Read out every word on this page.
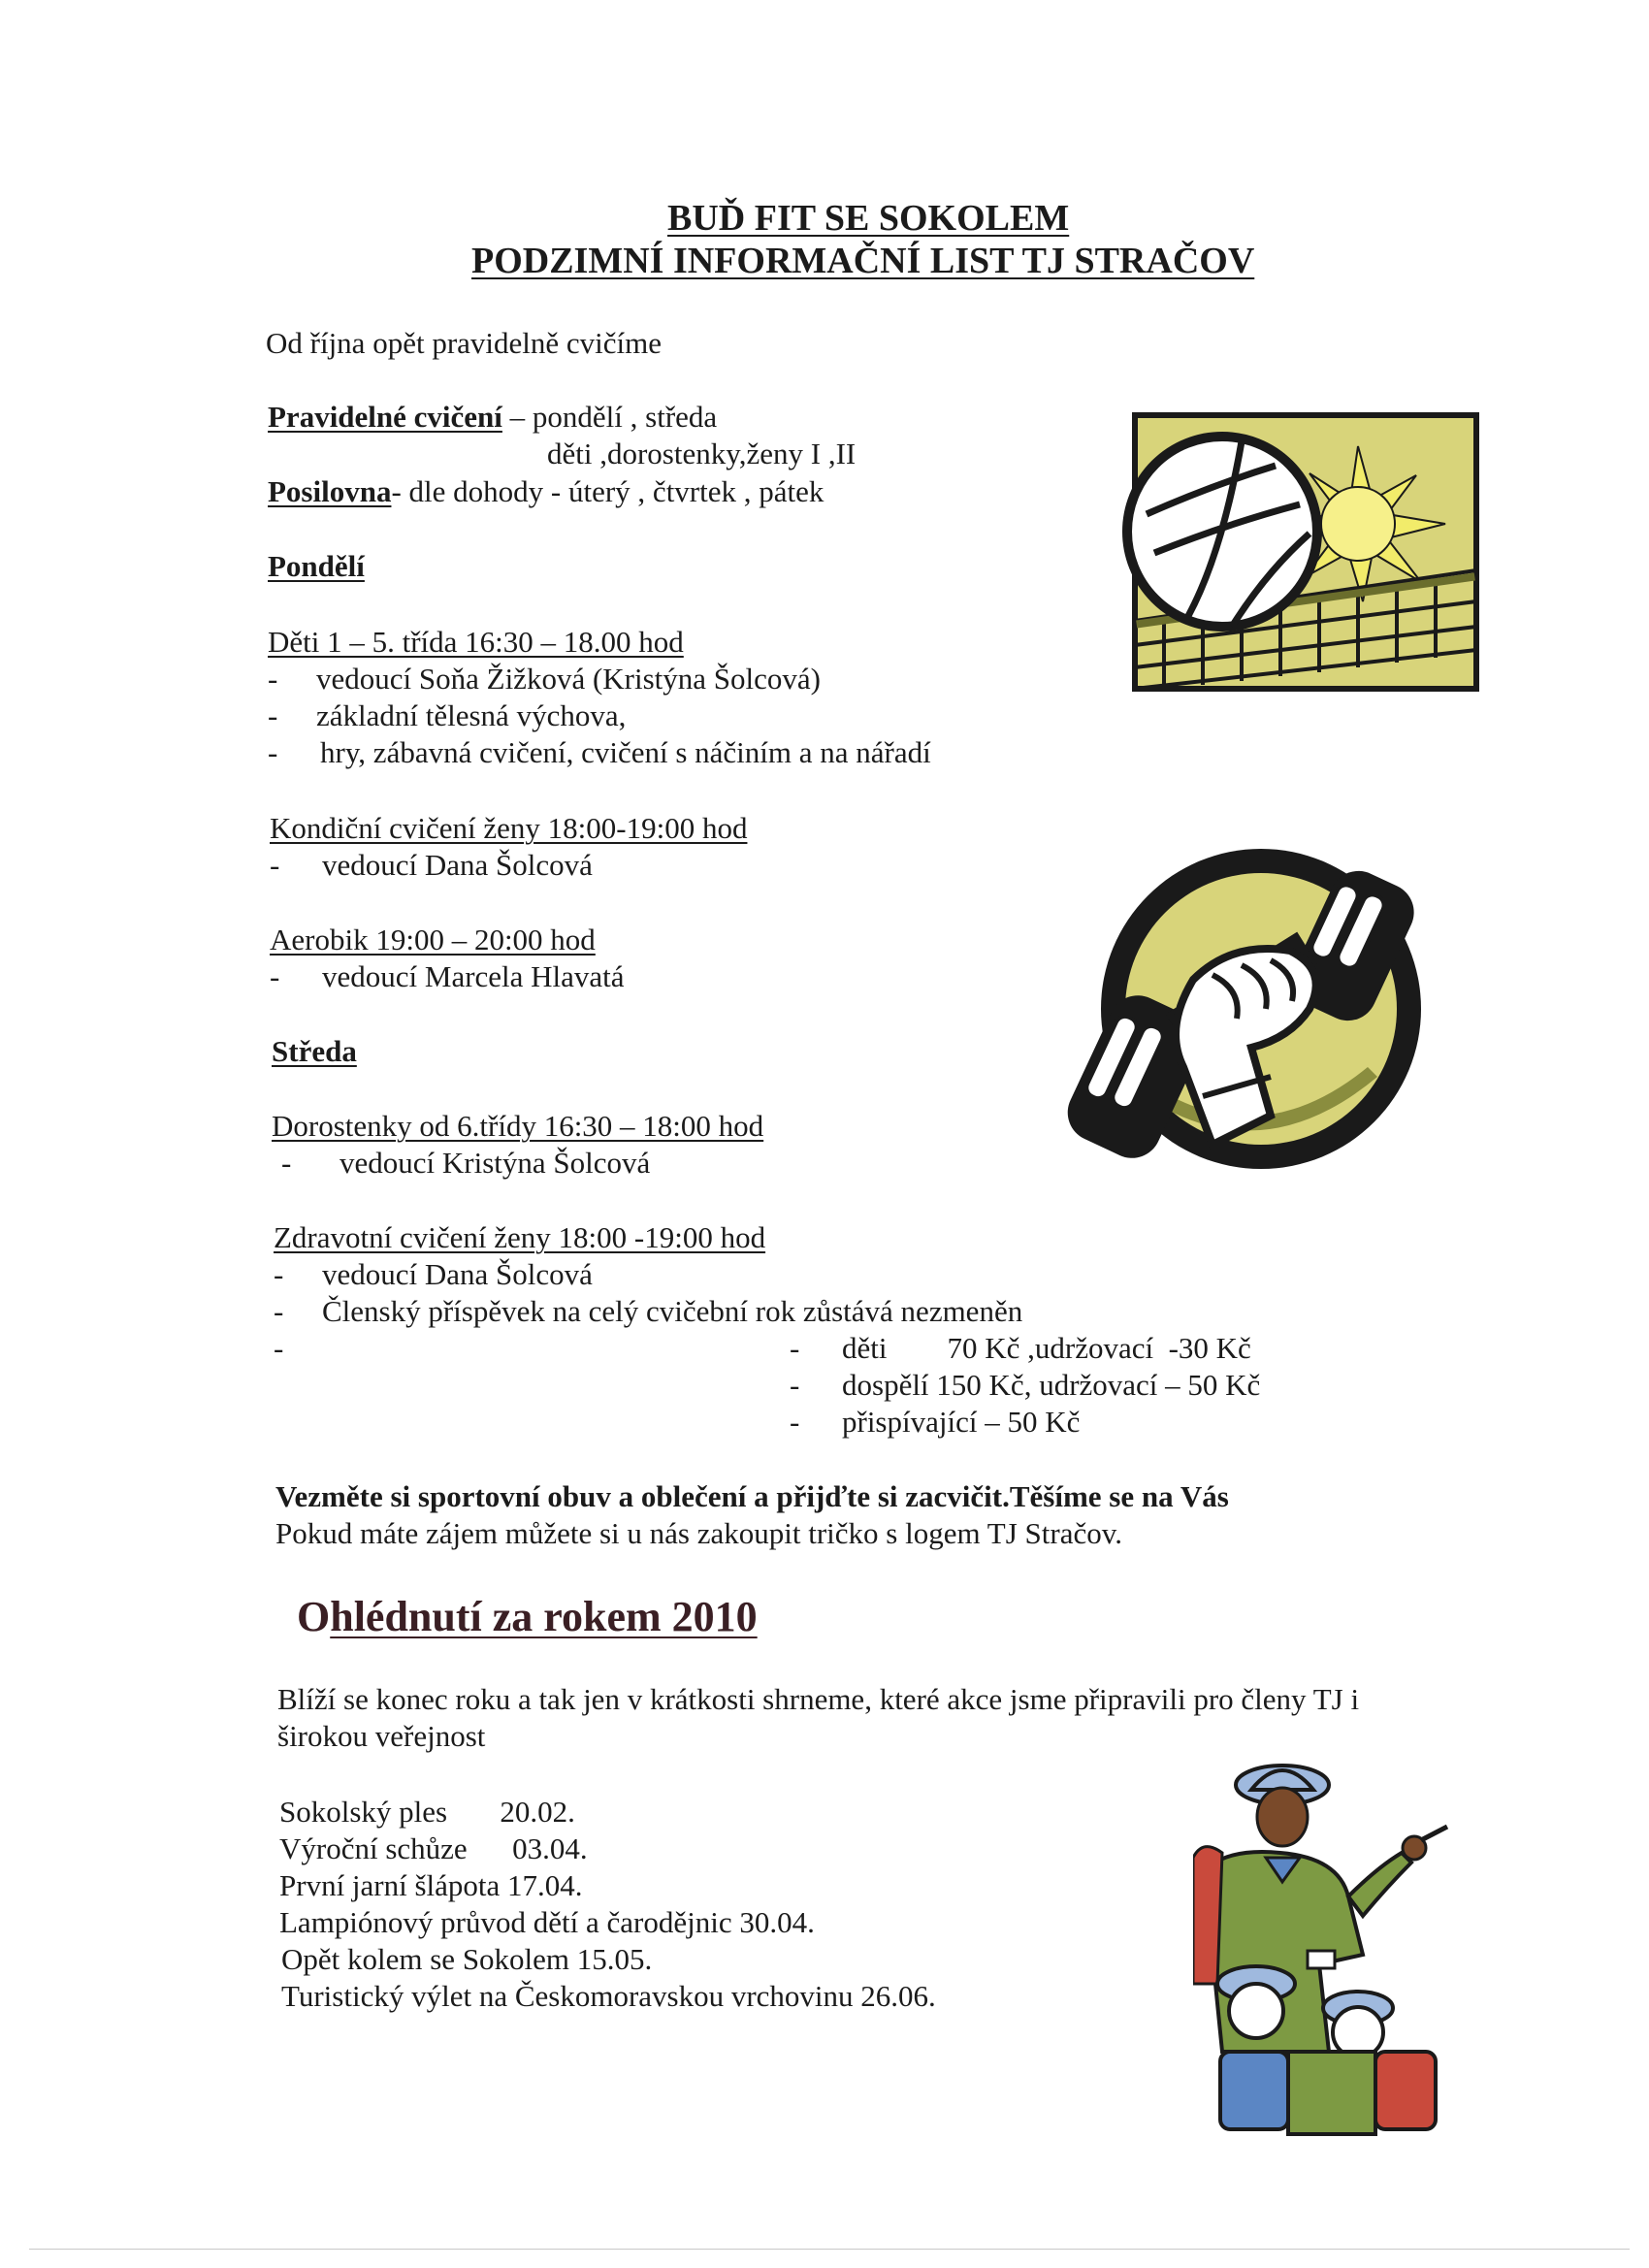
BUĎ FIT SE SOKOLEM
PODZIMNÍ INFORMAČNÍ LIST TJ STRAČOV
Od října opět pravidelně cvičíme
Pravidelné cvičení – pondělí , středa
děti ,dorostenky,ženy I ,II
Posilovna- dle dohody - úterý , čtvrtek , pátek
Pondělí
Děti 1 – 5. třída 16:30 – 18.00 hod
- vedoucí Soňa Žižková (Kristýna Šolcová)
- základní tělesná výchova,
- hry, zábavná cvičení, cvičení s náčiním a na nářadí
Kondiční cvičení ženy 18:00-19:00 hod
- vedoucí Dana Šolcová
Aerobik 19:00 – 20:00 hod
- vedoucí Marcela Hlavatá
Středa
Dorostenky od 6.třídy 16:30 – 18:00 hod
- vedoucí Kristýna Šolcová
Zdravotní cvičení ženy 18:00 -19:00 hod
- vedoucí Dana Šolcová
- Členský příspěvek na celý cvičební rok zůstává nezmeněn
-	- děti        70 Kč ,udržovací  -30 Kč
- dospělí 150 Kč, udržovací – 50 Kč
- přispívající – 50 Kč
Vezměte si sportovní obuv a oblečení a přijďte si zacvičit.Těšíme se na Vás
Pokud máte zájem můžete si u nás zakoupit tričko s logem TJ Stračov.
Ohlédnutí za rokem 2010
Blíží se konec roku a tak jen v krátkosti shrneme, které akce jsme připravili pro členy TJ i
širokou veřejnost
Sokolský ples       20.02.
Výroční schůze      03.04.
První jarní šlápota 17.04.
Lampiónový průvod dětí a čarodějnic 30.04.
Opět kolem se Sokolem 15.05.
Turistický výlet na Českomoravskou vrchovinu 26.06.
